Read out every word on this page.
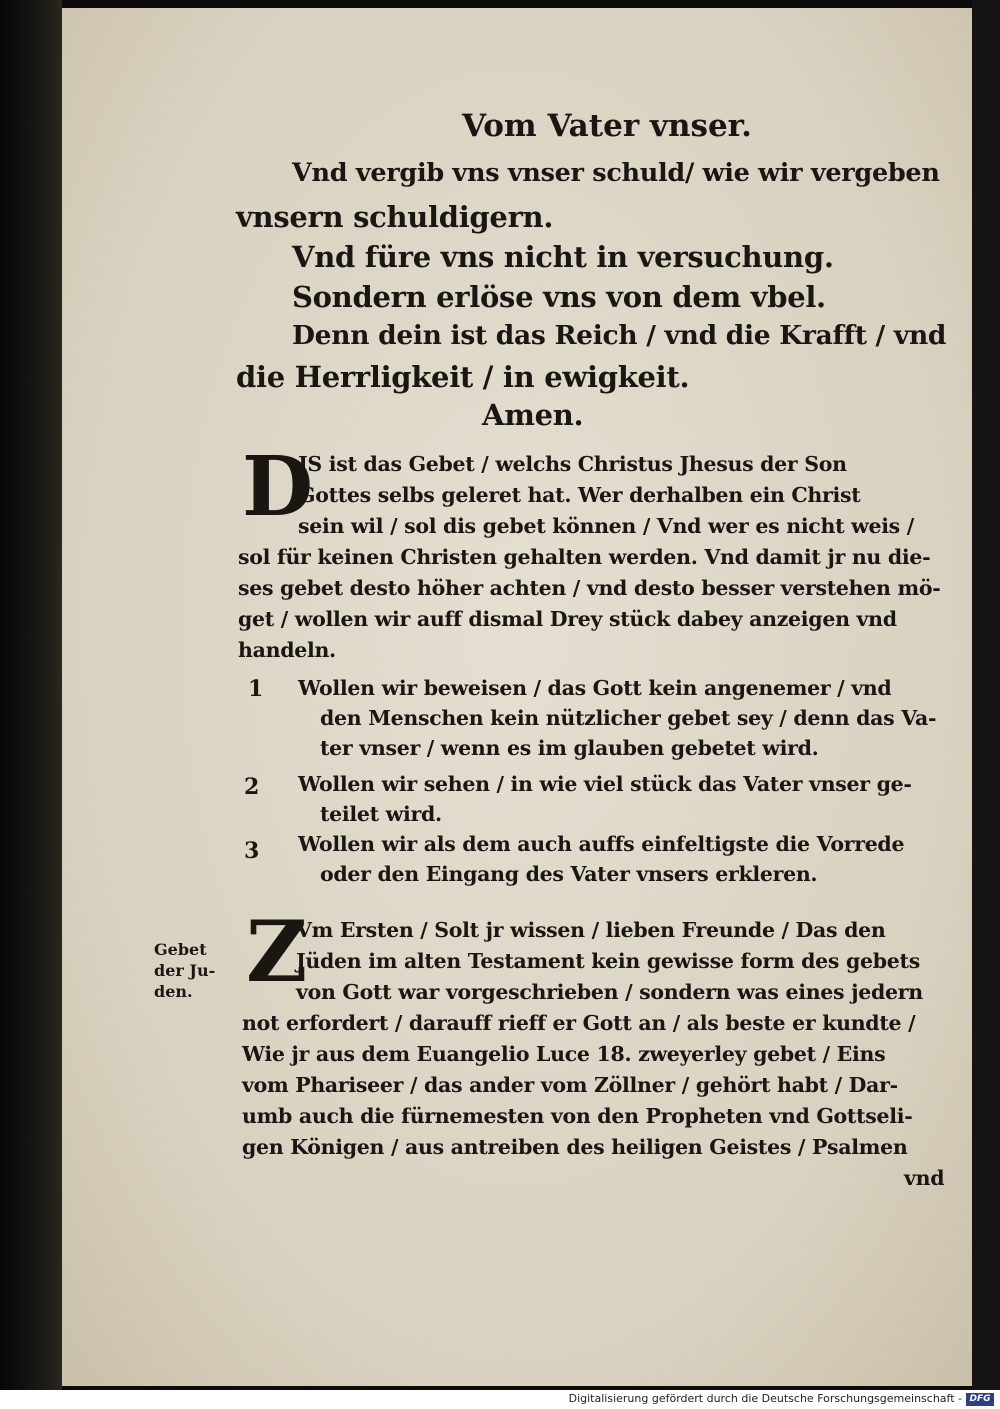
Vom Vater vnser.
Vnd vergib vns vnser schuld/ wie wir vergeben
vnsern schuldigern.
Vnd füre vns nicht in versuchung.
Sondern erlöse vns von dem vbel.
Denn dein ist das Reich / vnd die Krafft / vnd
die Herrligkeit / in ewigkeit.
Amen.
D
JS ist das Gebet / welchs Christus Jhesus der Son
Gottes selbs geleret hat. Wer derhalben ein Christ
sein wil / sol dis gebet können / Vnd wer es nicht weis /
sol für keinen Christen gehalten werden. Vnd damit jr nu die-
ses gebet desto höher achten / vnd desto besser verstehen mö-
get / wollen wir auff dismal Drey stück dabey anzeigen vnd
handeln.
1 Wollen wir beweisen / das Gott kein angenemer / vnd
den Menschen kein nützlicher gebet sey / denn das Va-
ter vnser / wenn es im glauben gebetet wird.
2 Wollen wir sehen / in wie viel stück das Vater vnser ge-
teilet wird.
3 Wollen wir als dem auch auffs einfeltigste die Vorrede
oder den Eingang des Vater vnsers erkleren.
Gebet
der Ju-
den. Z
Vm Ersten / Solt jr wissen / lieben Freunde / Das den
Jüden im alten Testament kein gewisse form des gebets
von Gott war vorgeschrieben / sondern was eines jedern
not erfordert / darauff rieff er Gott an / als beste er kundte /
Wie jr aus dem Euangelio Luce 18. zweyerley gebet / Eins
vom Phariseer / das ander vom Zöllner / gehört habt / Dar-
umb auch die fürnemesten von den Propheten vnd Gottseli-
gen Königen / aus antreiben des heiligen Geistes / Psalmen
vnd
Digitalisierung gefördert durch die Deutsche Forschungsgemeinschaft - DFG
